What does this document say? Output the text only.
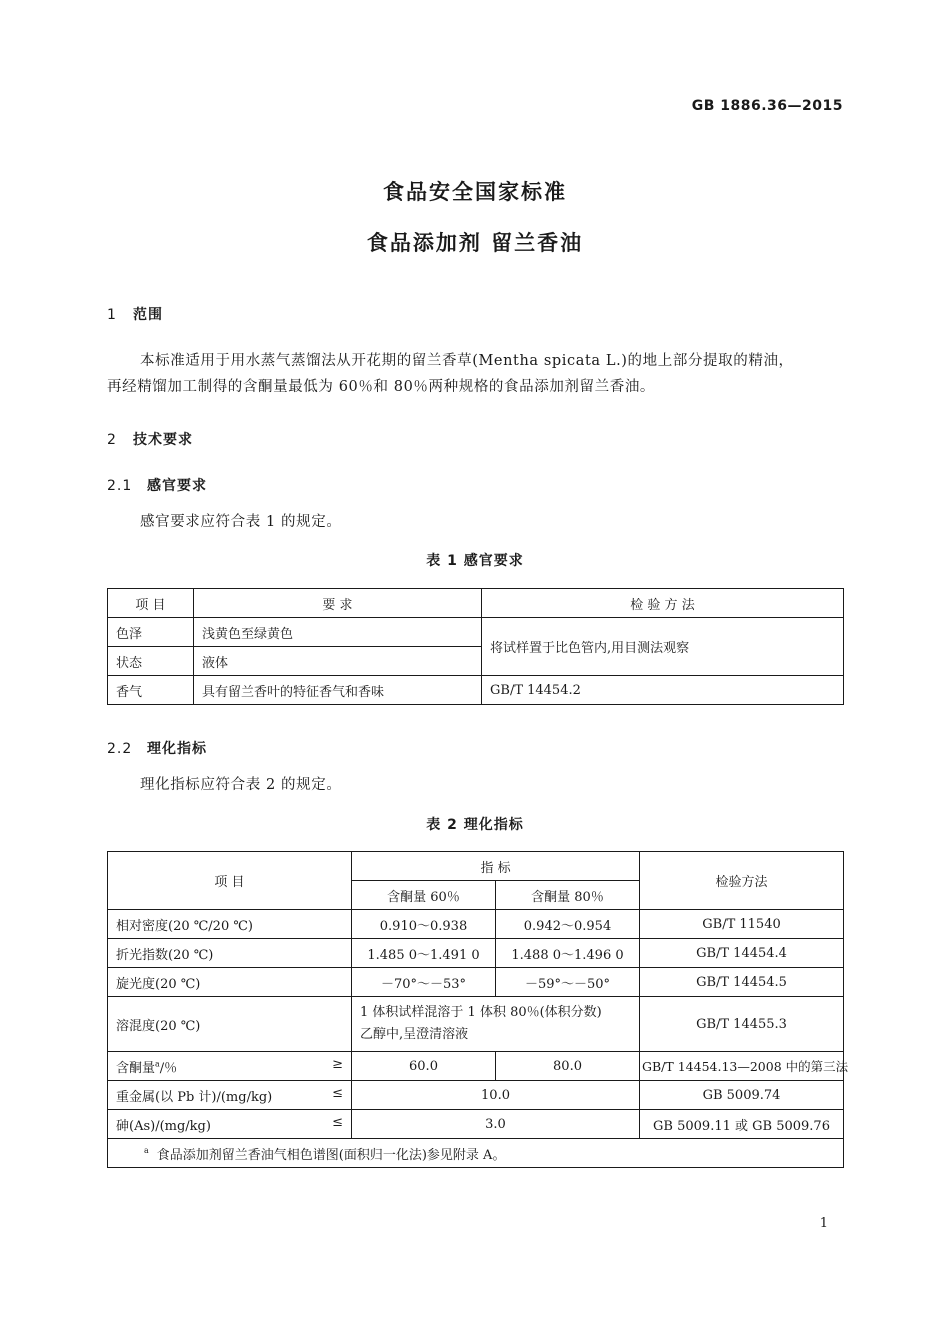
GB 1886.36—2015
食品安全国家标准
食品添加剂 留兰香油
1 范围
本标准适用于用水蒸气蒸馏法从开花期的留兰香草(Mentha spicata L.)的地上部分提取的精油，
再经精馏加工制得的含酮量最低为 60％和 80％两种规格的食品添加剂留兰香油。
2 技术要求
2.1 感官要求
感官要求应符合表 1 的规定。
表 1 感官要求
项 目	要 求	检 验 方 法
色泽	浅黄色至绿黄色	将试样置于比色管内,用目测法观察
状态	液体	
香气	具有留兰香叶的特征香气和香味	GB/T 14454.2
2.2 理化指标
理化指标应符合表 2 的规定。
表 2 理化指标
项 目	指 标		检验方法
	含酮量 60％	含酮量 80％	
相对密度(20 ℃/20 ℃)	0.910～0.938	0.942～0.954	GB/T 11540
折光指数(20 ℃)	1.485 0～1.491 0	1.488 0～1.496 0	GB/T 14454.4
旋光度(20 ℃)	－70°～－53°	－59°～－50°	GB/T 14454.5
溶混度(20 ℃)	1 体积试样混溶于 1 体积 80％(体积分数)
乙醇中,呈澄清溶液		GB/T 14455.3
含酮量$^a$/％ ≥	60.0	80.0	GB/T 14454.13—2008 中的第三法
重金属(以 Pb 计)/(mg/kg) ≤	10.0		GB 5009.74
砷(As)/(mg/kg) ≤	3.0		GB 5009.11 或 GB 5009.76
$^a$ 食品添加剂留兰香油气相色谱图(面积归一化法)参见附录 A。			
1
